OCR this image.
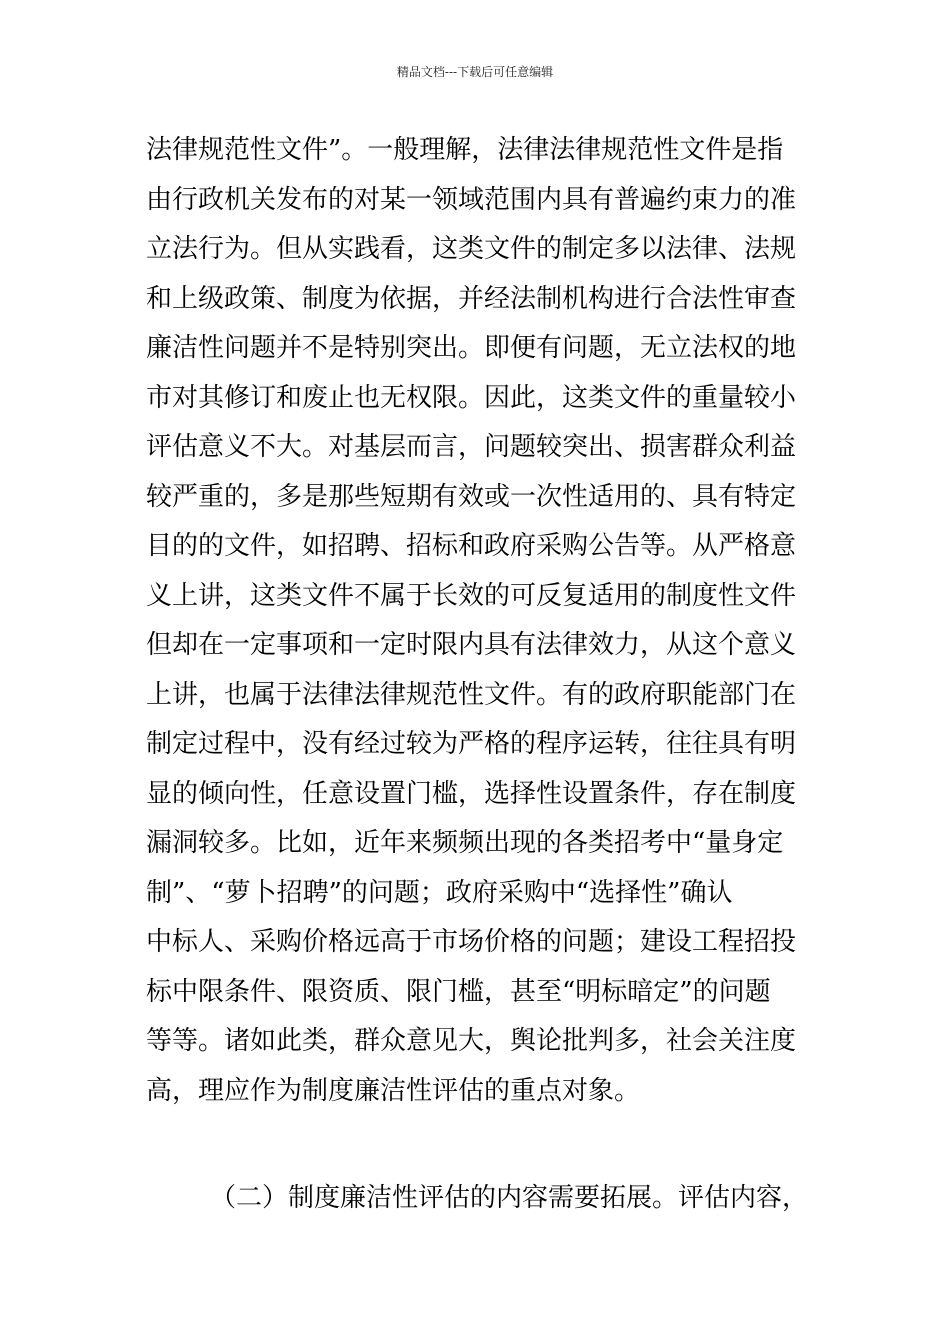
精品文档---下载后可任意编辑
法律规范性文件”。一般理解，法律法律规范性文件是指
由行政机关发布的对某一领域范围内具有普遍约束力的准
立法行为。但从实践看，这类文件的制定多以法律、法规
和上级政策、制度为依据，并经法制机构进行合法性审查
廉洁性问题并不是特别突出。即便有问题，无立法权的地
市对其修订和废止也无权限。因此，这类文件的重量较小
评估意义不大。对基层而言，问题较突出、损害群众利益
较严重的，多是那些短期有效或一次性适用的、具有特定
目的的文件，如招聘、招标和政府采购公告等。从严格意
义上讲，这类文件不属于长效的可反复适用的制度性文件
但却在一定事项和一定时限内具有法律效力，从这个意义
上讲，也属于法律法律规范性文件。有的政府职能部门在
制定过程中，没有经过较为严格的程序运转，往往具有明
显的倾向性，任意设置门槛，选择性设置条件，存在制度
漏洞较多。比如，近年来频频出现的各类招考中“量身定
制”、“萝卜招聘”的问题；政府采购中“选择性”确认
中标人、采购价格远高于市场价格的问题；建设工程招投
标中限条件、限资质、限门槛，甚至“明标暗定”的问题
等等。诸如此类，群众意见大，舆论批判多，社会关注度
高，理应作为制度廉洁性评估的重点对象。
（二）制度廉洁性评估的内容需要拓展。评估内容，
